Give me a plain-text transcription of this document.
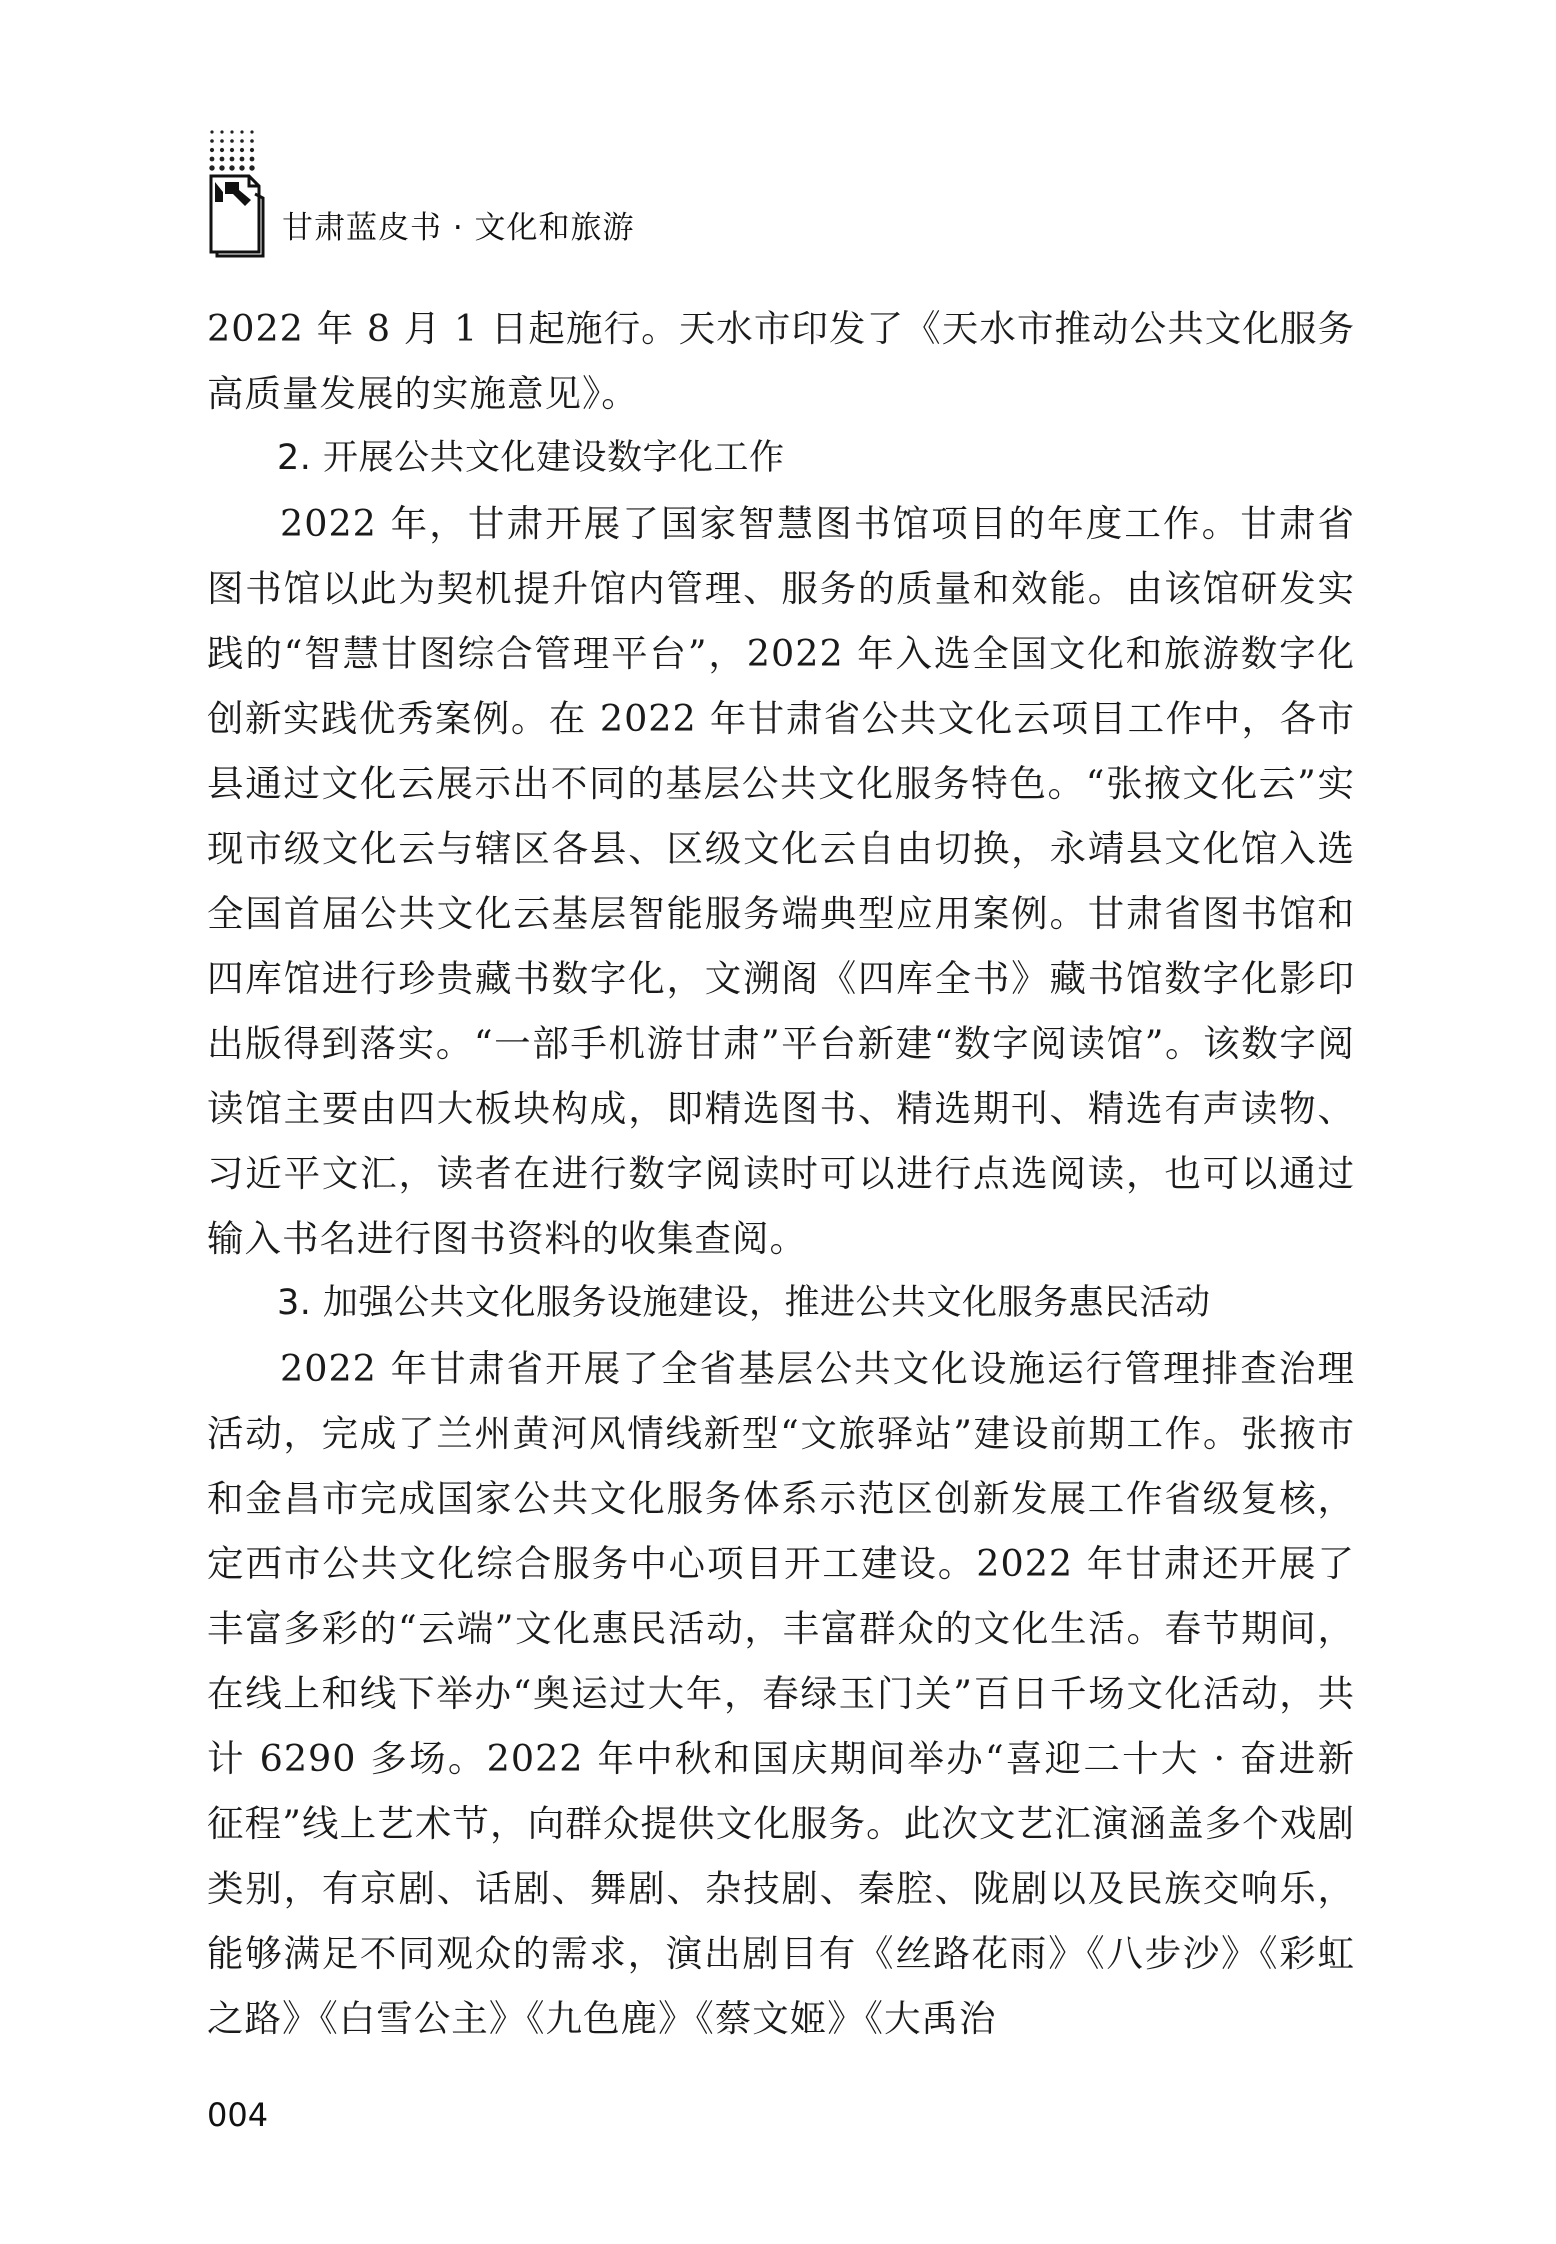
甘肃蓝皮书 · 文化和旅游

2022 年 8 月 1 日起施行。天水市印发了《天水市推动公共文化服务高质量发展的实施意见》。

2. 开展公共文化建设数字化工作

2022 年，甘肃开展了国家智慧图书馆项目的年度工作。甘肃省图书馆以此为契机提升馆内管理、服务的质量和效能。由该馆研发实践的“智慧甘图综合管理平台”，2022 年入选全国文化和旅游数字化创新实践优秀案例。在 2022 年甘肃省公共文化云项目工作中，各市县通过文化云展示出不同的基层公共文化服务特色。“张掖文化云”实现市级文化云与辖区各县、区级文化云自由切换，永靖县文化馆入选全国首届公共文化云基层智能服务端典型应用案例。甘肃省图书馆和四库馆进行珍贵藏书数字化，文溯阁《四库全书》藏书馆数字化影印出版得到落实。“一部手机游甘肃”平台新建“数字阅读馆”。该数字阅读馆主要由四大板块构成，即精选图书、精选期刊、精选有声读物、习近平文汇，读者在进行数字阅读时可以进行点选阅读，也可以通过输入书名进行图书资料的收集查阅。

3. 加强公共文化服务设施建设，推进公共文化服务惠民活动

2022 年甘肃省开展了全省基层公共文化设施运行管理排查治理活动，完成了兰州黄河风情线新型“文旅驿站”建设前期工作。张掖市和金昌市完成国家公共文化服务体系示范区创新发展工作省级复核，定西市公共文化综合服务中心项目开工建设。2022 年甘肃还开展了丰富多彩的“云端”文化惠民活动，丰富群众的文化生活。春节期间，在线上和线下举办“奥运过大年，春绿玉门关”百日千场文化活动，共计 6290 多场。2022 年中秋和国庆期间举办“喜迎二十大 · 奋进新征程”线上艺术节，向群众提供文化服务。此次文艺汇演涵盖多个戏剧类别，有京剧、话剧、舞剧、杂技剧、秦腔、陇剧以及民族交响乐，能够满足不同观众的需求，演出剧目有《丝路花雨》《八步沙》《彩虹之路》《白雪公主》《九色鹿》《蔡文姬》《大禹治

004
